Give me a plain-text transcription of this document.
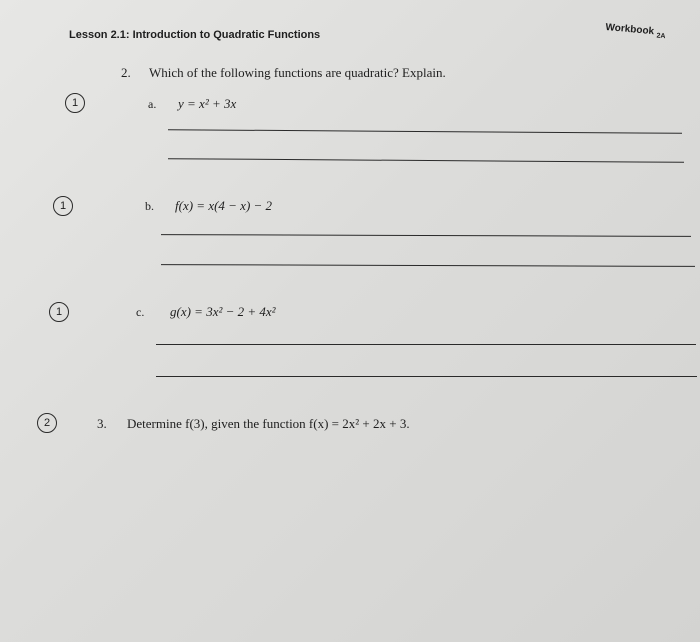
Lesson 2.1: Introduction to Quadratic Functions	Workbook $_{2A}$
2. Which of the following functions are quadratic? Explain.
1	a. y = x² + 3x
1	b. f(x) = x(4 − x) − 2
1	c. g(x) = 3x² − 2 + 4x²
2	3. Determine f(3), given the function f(x) = 2x² + 2x + 3.
